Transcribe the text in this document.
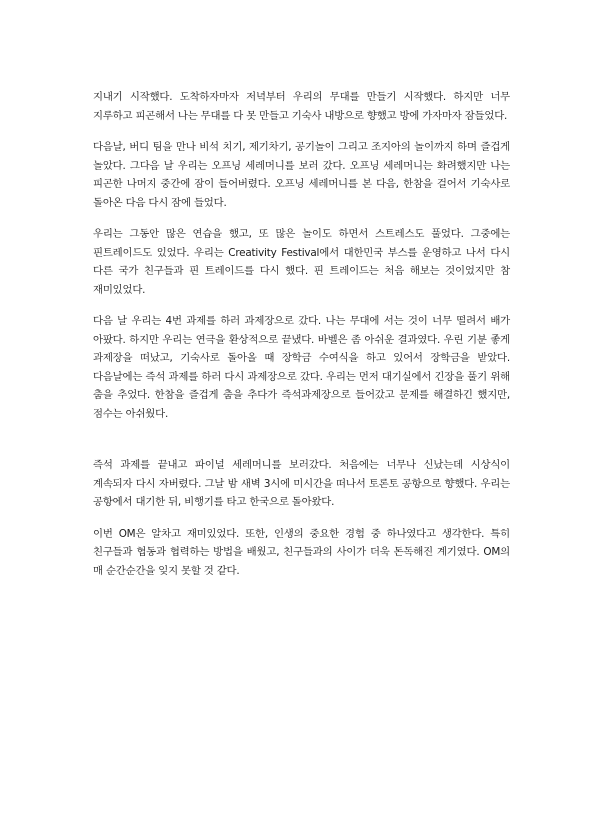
지내기 시작했다. 도착하자마자 저녁부터 우리의 무대를 만들기 시작했다. 하지만 너무 지루하고 피곤해서 나는 무대를 다 못 만들고 기숙사 내방으로 향했고 방에 가자마자 잠들었다.

다음날, 버디 팀을 만나 비석 치기, 제기차기, 공기놀이 그리고 조지아의 놀이까지 하며 즐겁게 놀았다. 그다음 날 우리는 오프닝 세레머니를 보러 갔다. 오프닝 세레머니는 화려했지만 나는 피곤한 나머지 중간에 잠이 들어버렸다. 오프닝 세레머니를 본 다음, 한참을 걸어서 기숙사로 돌아온 다음 다시 잠에 들었다.

우리는 그동안 많은 연습을 했고, 또 많은 놀이도 하면서 스트레스도 풀었다. 그중에는 핀트레이드도 있었다. 우리는 Creativity Festival에서 대한민국 부스를 운영하고 나서 다시 다른 국가 친구들과 핀 트레이드를 다시 했다. 핀 트레이드는 처음 해보는 것이었지만 참 재미있었다.

다음 날 우리는 4번 과제를 하러 과제장으로 갔다. 나는 무대에 서는 것이 너무 떨려서 배가 아팠다. 하지만 우리는 연극을 환상적으로 끝냈다. 바벨은 좀 아쉬운 결과였다. 우린 기분 좋게 과제장을 떠났고, 기숙사로 돌아올 때 장학금 수여식을 하고 있어서 장학금을 받았다. 다음날에는 즉석 과제를 하러 다시 과제장으로 갔다. 우리는 먼저 대기실에서 긴장을 풀기 위해 춤을 추었다. 한참을 즐겁게 춤을 추다가 즉석과제장으로 들어갔고 문제를 해결하긴 했지만, 점수는 아쉬웠다.

즉석 과제를 끝내고 파이널 세레머니를 보러갔다. 처음에는 너무나 신났는데 시상식이 계속되자 다시 자버렸다. 그날 밤 새벽 3시에 미시간을 떠나서 토론토 공항으로 향했다. 우리는 공항에서 대기한 뒤, 비행기를 타고 한국으로 돌아왔다.

이번 OM은 알차고 재미있었다. 또한, 인생의 중요한 경험 중 하나였다고 생각한다. 특히 친구들과 협동과 협력하는 방법을 배웠고, 친구들과의 사이가 더욱 돈독해진 계기였다. OM의 매 순간순간을 잊지 못할 것 같다.
